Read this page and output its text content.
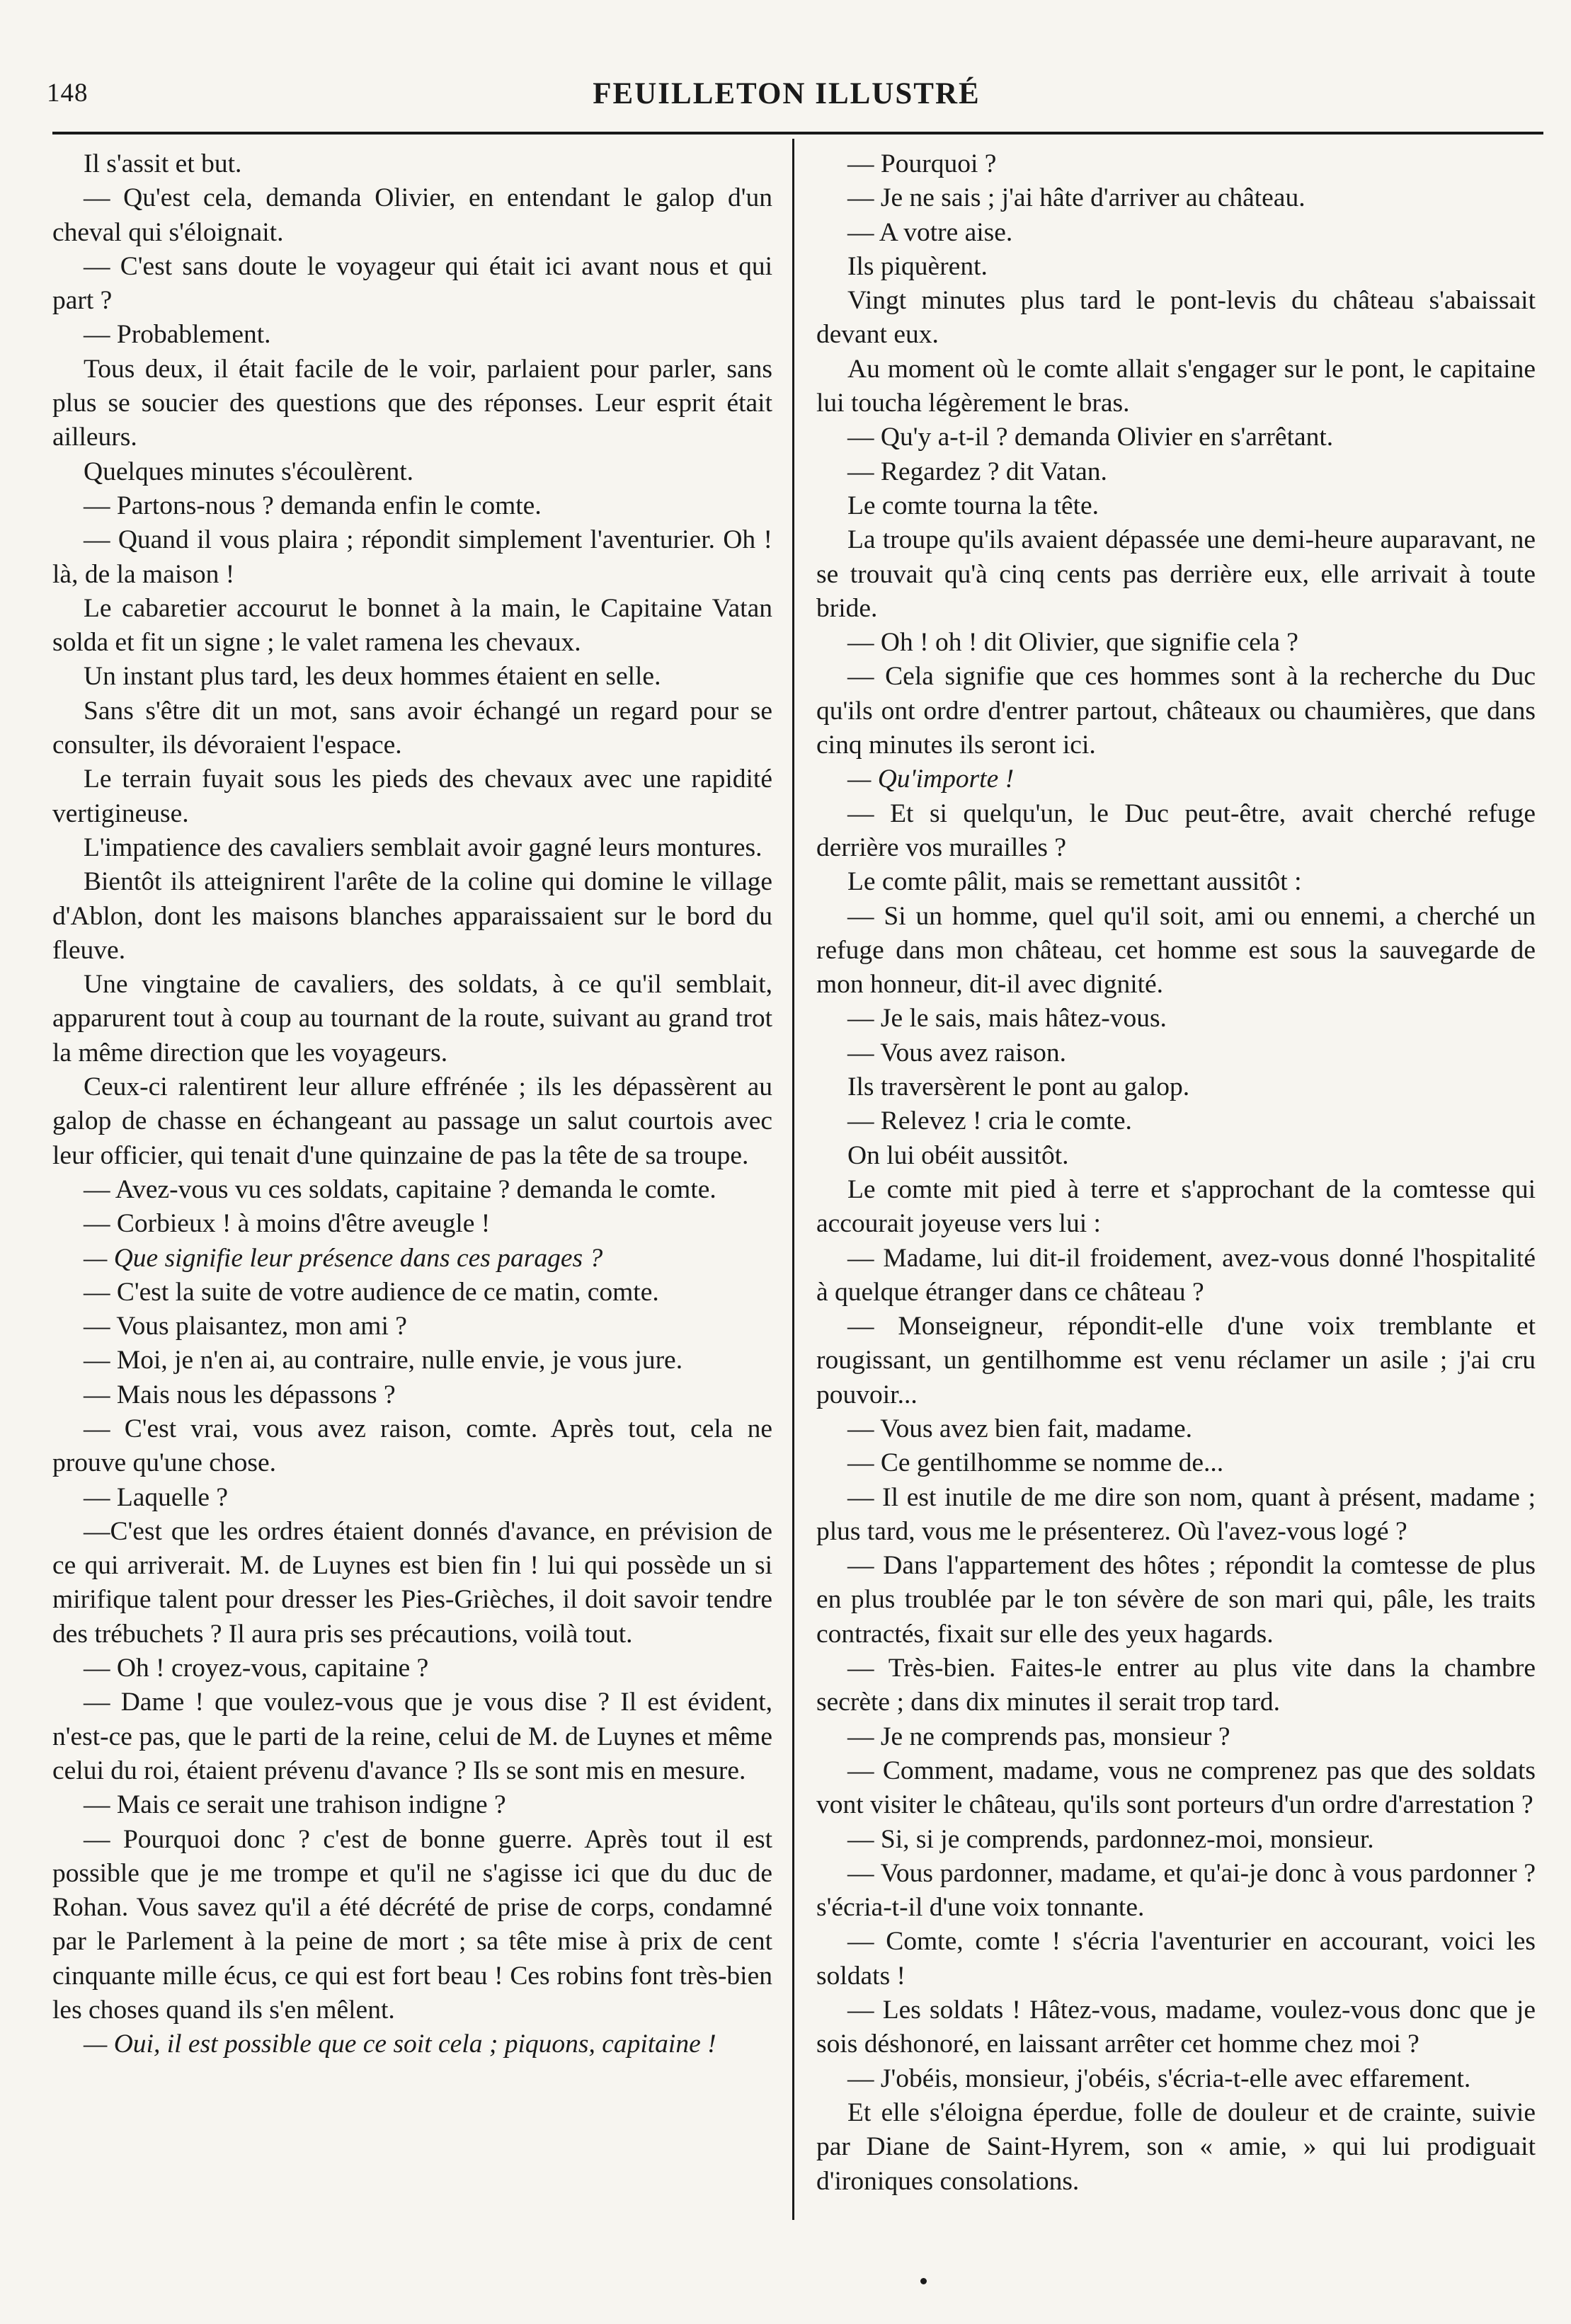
148	FEUILLETON ILLUSTRÉ

Il s'assit et but.

— Qu'est cela, demanda Olivier, en entendant le galop d'un cheval qui s'éloignait.

— C'est sans doute le voyageur qui était ici avant nous et qui part ?

— Probablement.

Tous deux, il était facile de le voir, parlaient pour parler, sans plus se soucier des questions que des réponses. Leur esprit était ailleurs.

Quelques minutes s'écoulèrent.

— Partons-nous ? demanda enfin le comte.

— Quand il vous plaira ; répondit simplement l'aventurier. Oh ! là, de la maison !

Le cabaretier accourut le bonnet à la main, le Capitaine Vatan solda et fit un signe ; le valet ramena les chevaux.

Un instant plus tard, les deux hommes étaient en selle.

Sans s'être dit un mot, sans avoir échangé un regard pour se consulter, ils dévoraient l'espace.

Le terrain fuyait sous les pieds des chevaux avec une rapidité vertigineuse.

L'impatience des cavaliers semblait avoir gagné leurs montures.

Bientôt ils atteignirent l'arête de la coline qui domine le village d'Ablon, dont les maisons blanches apparaissaient sur le bord du fleuve.

Une vingtaine de cavaliers, des soldats, à ce qu'il semblait, apparurent tout à coup au tournant de la route, suivant au grand trot la même direction que les voyageurs.

Ceux-ci ralentirent leur allure effrénée ; ils les dépassèrent au galop de chasse en échangeant au passage un salut courtois avec leur officier, qui tenait d'une quinzaine de pas la tête de sa troupe.

— Avez-vous vu ces soldats, capitaine ? demanda le comte.

— Corbieux ! à moins d'être aveugle !

— Que signifie leur présence dans ces parages ?

— C'est la suite de votre audience de ce matin, comte.

— Vous plaisantez, mon ami ?

— Moi, je n'en ai, au contraire, nulle envie, je vous jure.

— Mais nous les dépassons ?

— C'est vrai, vous avez raison, comte. Après tout, cela ne prouve qu'une chose.

— Laquelle ?

—C'est que les ordres étaient donnés d'avance, en prévision de ce qui arriverait. M. de Luynes est bien fin ! lui qui possède un si mirifique talent pour dresser les Pies-Grièches, il doit savoir tendre des trébuchets ? Il aura pris ses précautions, voilà tout.

— Oh ! croyez-vous, capitaine ?

— Dame ! que voulez-vous que je vous dise ? Il est évident, n'est-ce pas, que le parti de la reine, celui de M. de Luynes et même celui du roi, étaient prévenu d'avance ? Ils se sont mis en mesure.

— Mais ce serait une trahison indigne ?

— Pourquoi donc ? c'est de bonne guerre. Après tout il est possible que je me trompe et qu'il ne s'agisse ici que du duc de Rohan. Vous savez qu'il a été décrété de prise de corps, condamné par le Parlement à la peine de mort ; sa tête mise à prix de cent cinquante mille écus, ce qui est fort beau ! Ces robins font très-bien les choses quand ils s'en mêlent.

— Oui, il est possible que ce soit cela ; piquons, capitaine !

— Pourquoi ?

— Je ne sais ; j'ai hâte d'arriver au château.

— A votre aise.

Ils piquèrent.

Vingt minutes plus tard le pont-levis du château s'abaissait devant eux.

Au moment où le comte allait s'engager sur le pont, le capitaine lui toucha légèrement le bras.

— Qu'y a-t-il ? demanda Olivier en s'arrêtant.

— Regardez ? dit Vatan.

Le comte tourna la tête.

La troupe qu'ils avaient dépassée une demi-heure auparavant, ne se trouvait qu'à cinq cents pas derrière eux, elle arrivait à toute bride.

— Oh ! oh ! dit Olivier, que signifie cela ?

— Cela signifie que ces hommes sont à la recherche du Duc qu'ils ont ordre d'entrer partout, châteaux ou chaumières, que dans cinq minutes ils seront ici.

— Qu'importe !

— Et si quelqu'un, le Duc peut-être, avait cherché refuge derrière vos murailles ?

Le comte pâlit, mais se remettant aussitôt :

— Si un homme, quel qu'il soit, ami ou ennemi, a cherché un refuge dans mon château, cet homme est sous la sauvegarde de mon honneur, dit-il avec dignité.

— Je le sais, mais hâtez-vous.

— Vous avez raison.

Ils traversèrent le pont au galop.

— Relevez ! cria le comte.

On lui obéit aussitôt.

Le comte mit pied à terre et s'approchant de la comtesse qui accourait joyeuse vers lui :

— Madame, lui dit-il froidement, avez-vous donné l'hospitalité à quelque étranger dans ce château ?

— Monseigneur, répondit-elle d'une voix tremblante et rougissant, un gentilhomme est venu réclamer un asile ; j'ai cru pouvoir...

— Vous avez bien fait, madame.

— Ce gentilhomme se nomme de...

— Il est inutile de me dire son nom, quant à présent, madame ; plus tard, vous me le présenterez. Où l'avez-vous logé ?

— Dans l'appartement des hôtes ; répondit la comtesse de plus en plus troublée par le ton sévère de son mari qui, pâle, les traits contractés, fixait sur elle des yeux hagards.

— Très-bien. Faites-le entrer au plus vite dans la chambre secrète ; dans dix minutes il serait trop tard.

— Je ne comprends pas, monsieur ?

— Comment, madame, vous ne comprenez pas que des soldats vont visiter le château, qu'ils sont porteurs d'un ordre d'arrestation ?

— Si, si je comprends, pardonnez-moi, monsieur.

— Vous pardonner, madame, et qu'ai-je donc à vous pardonner ? s'écria-t-il d'une voix tonnante.

— Comte, comte ! s'écria l'aventurier en accourant, voici les soldats !

— Les soldats ! Hâtez-vous, madame, voulez-vous donc que je sois déshonoré, en laissant arrêter cet homme chez moi ?

— J'obéis, monsieur, j'obéis, s'écria-t-elle avec effarement.

Et elle s'éloigna éperdue, folle de douleur et de crainte, suivie par Diane de Saint-Hyrem, son « amie, » qui lui prodiguait d'ironiques consolations.
